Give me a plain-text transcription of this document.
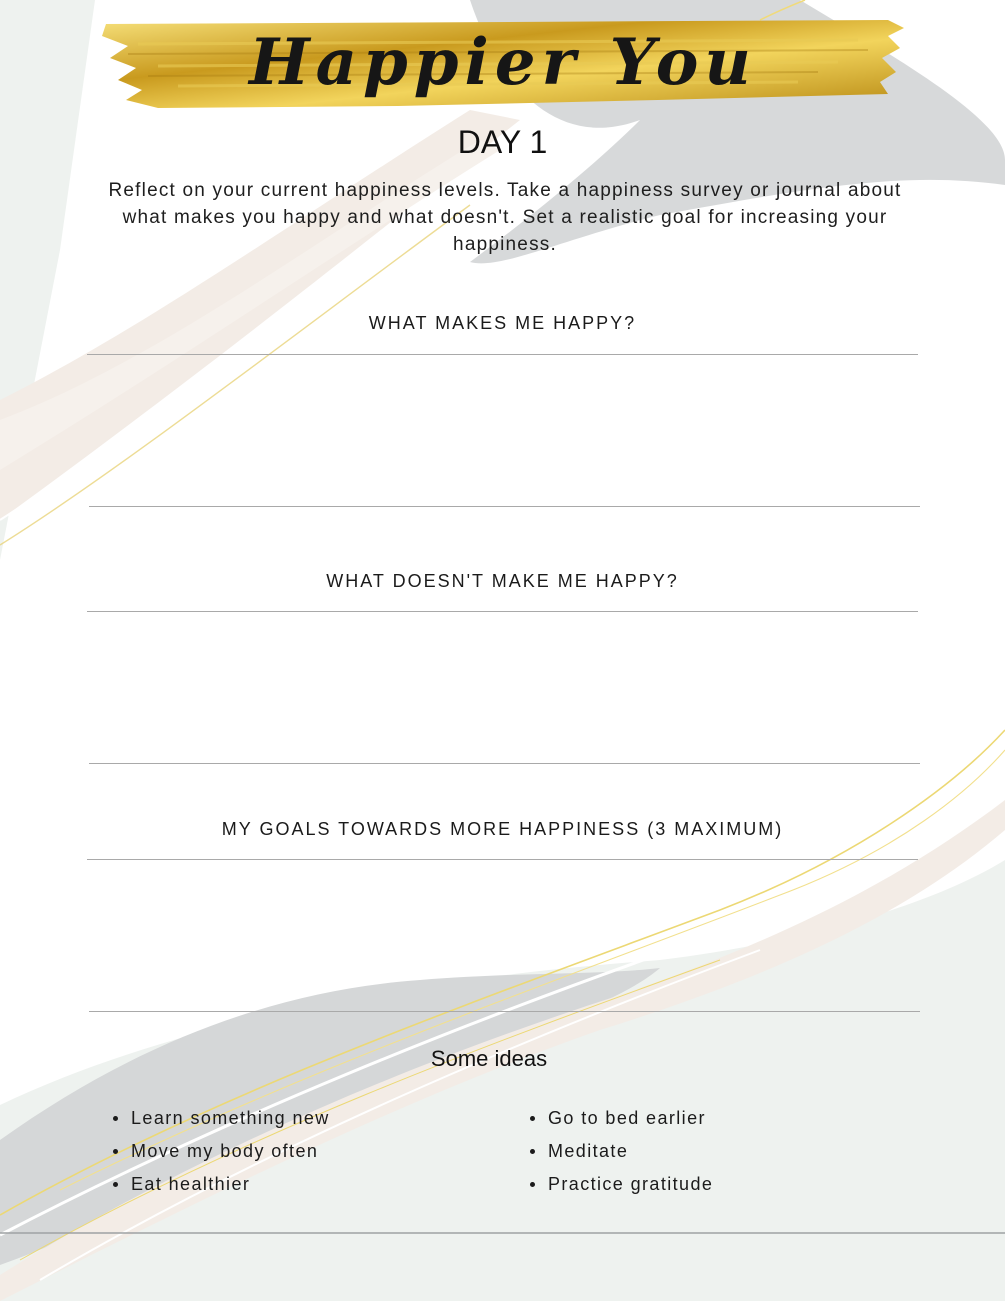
Happier You
DAY 1
Reflect on your current happiness levels. Take a happiness survey or journal about what makes you happy and what doesn't. Set a realistic goal for increasing your happiness.
WHAT MAKES ME HAPPY?
WHAT DOESN'T MAKE ME HAPPY?
MY GOALS TOWARDS MORE HAPPINESS (3 MAXIMUM)
Some ideas
Learn something new
Move my body often
Eat healthier
Go to bed earlier
Meditate
Practice gratitude
